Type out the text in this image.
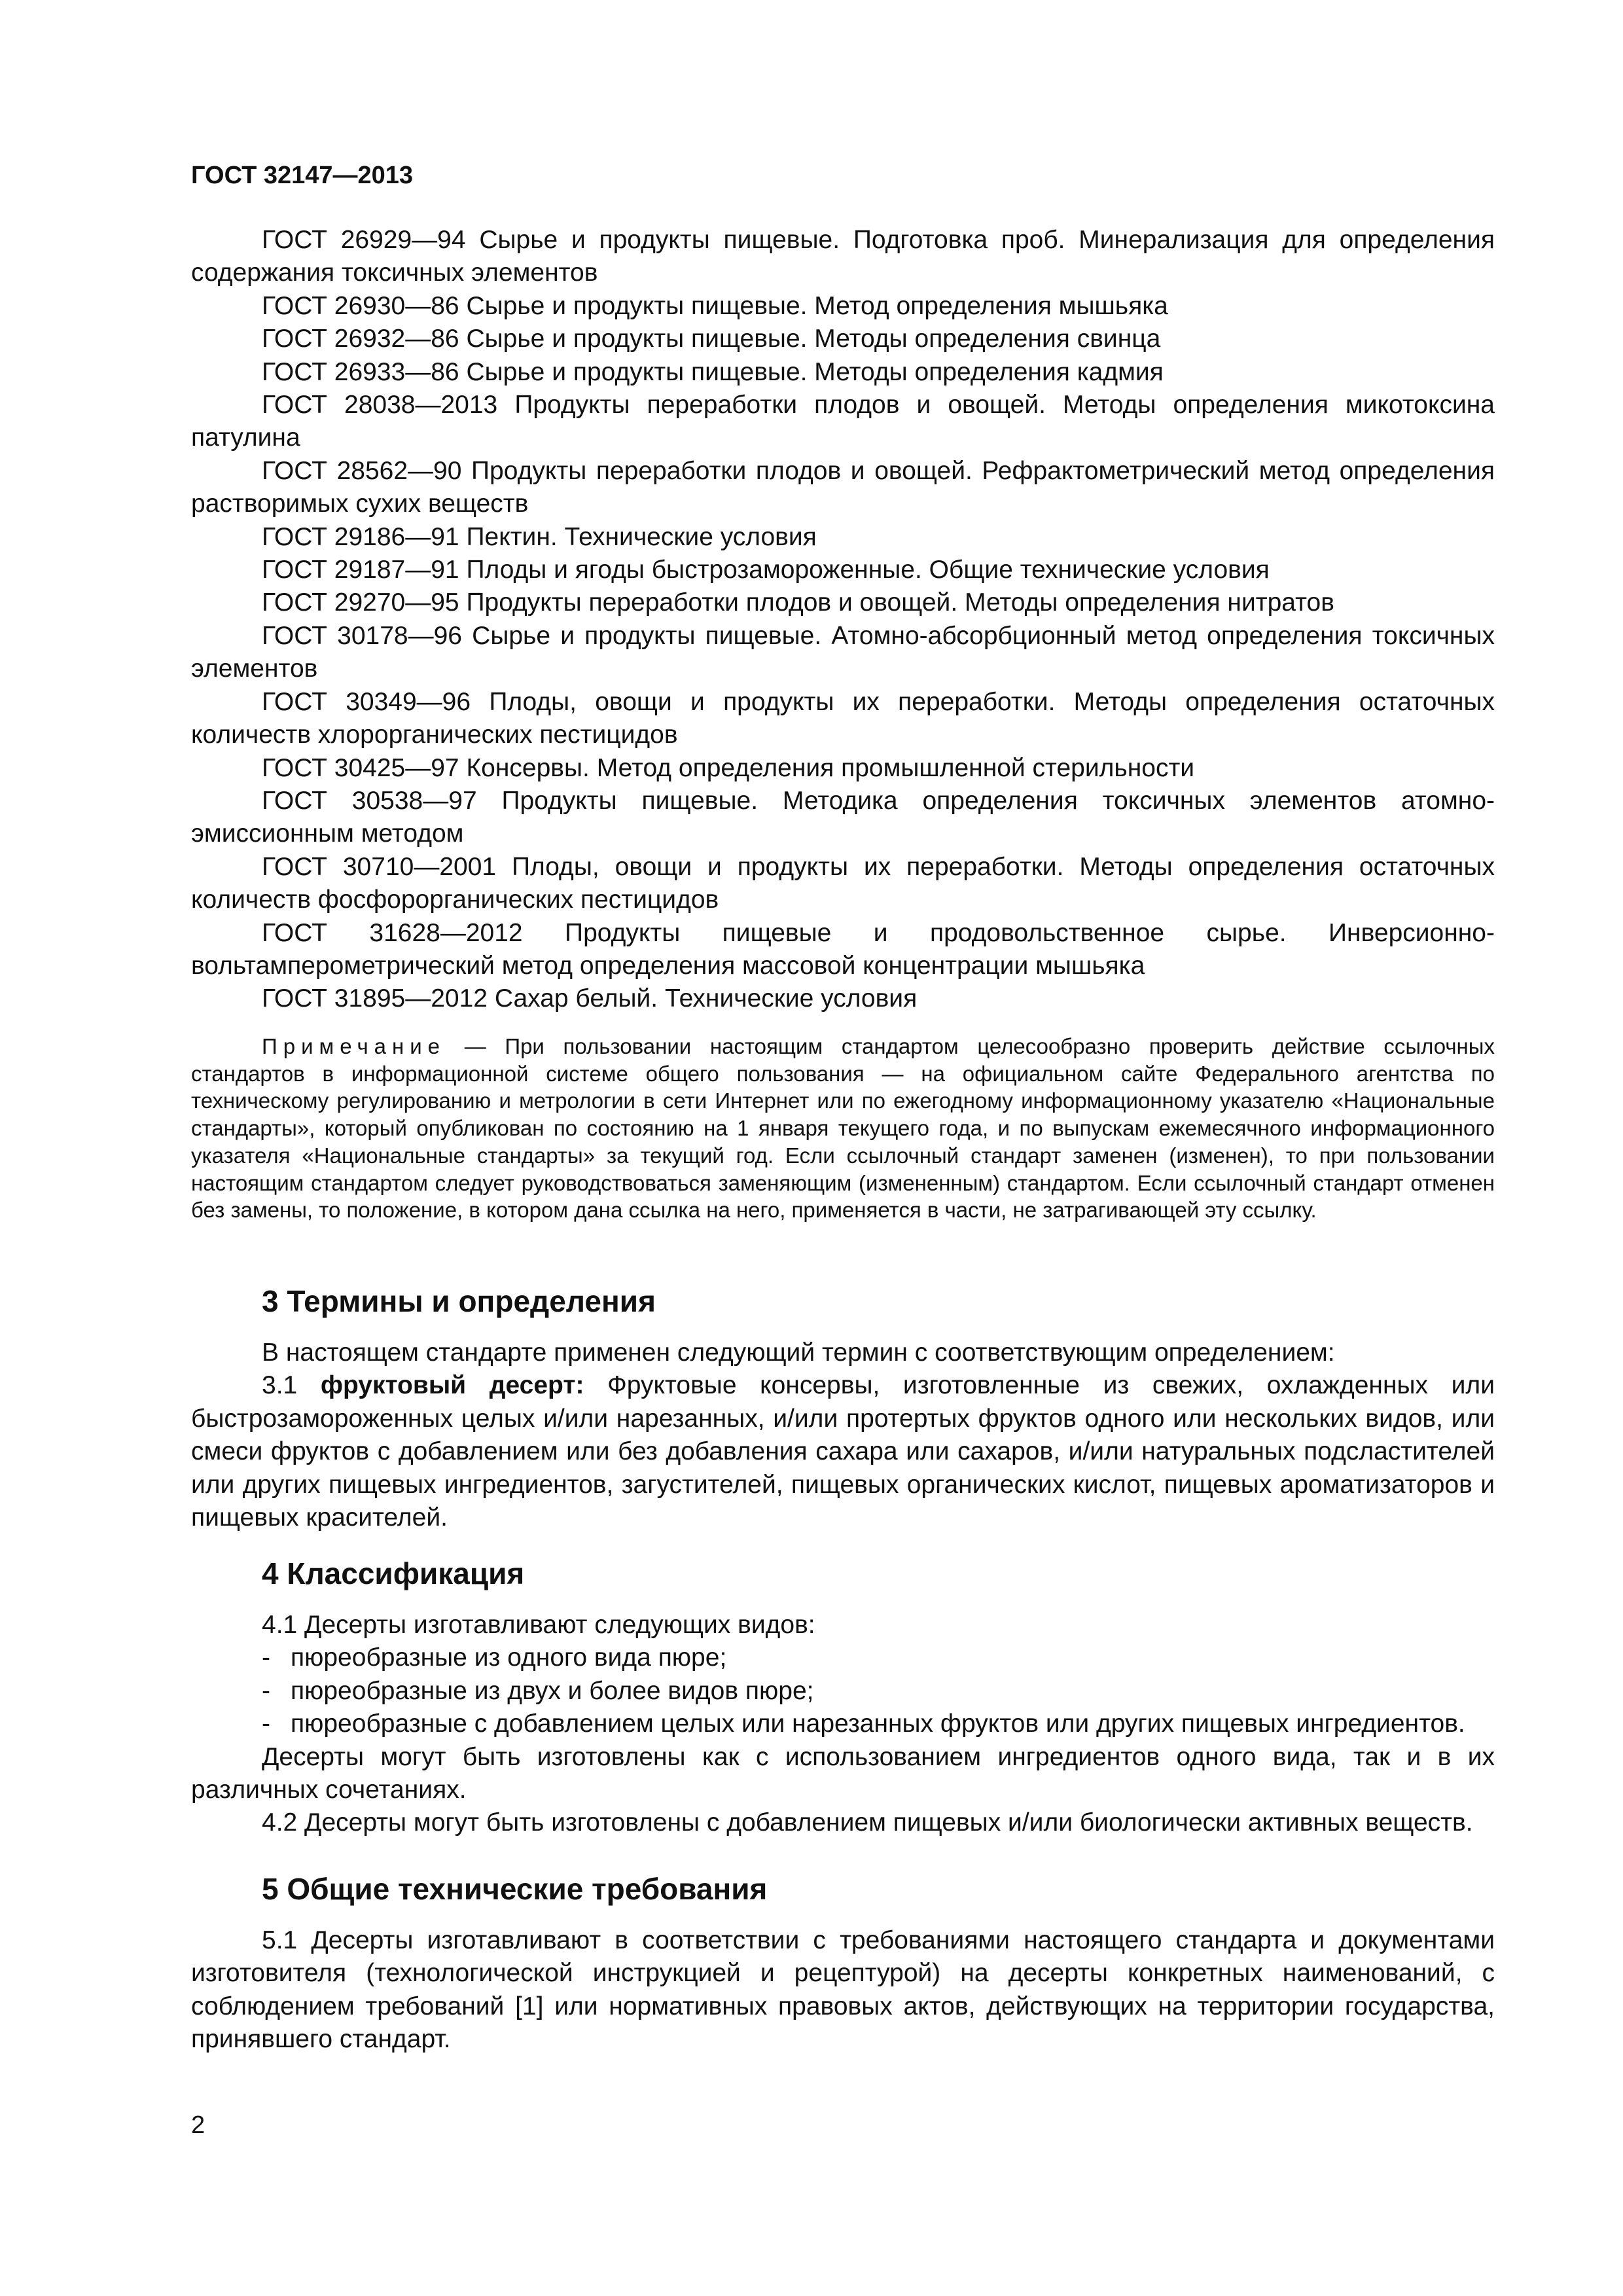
ГОСТ 32147—2013

ГОСТ 26929—94 Сырье и продукты пищевые. Подготовка проб. Минерализация для определения содержания токсичных элементов

ГОСТ 26930—86 Сырье и продукты пищевые. Метод определения мышьяка

ГОСТ 26932—86 Сырье и продукты пищевые. Методы определения свинца

ГОСТ 26933—86 Сырье и продукты пищевые. Методы определения кадмия

ГОСТ 28038—2013 Продукты переработки плодов и овощей. Методы определения микотоксина патулина

ГОСТ 28562—90 Продукты переработки плодов и овощей. Рефрактометрический метод определения растворимых сухих веществ

ГОСТ 29186—91 Пектин. Технические условия

ГОСТ 29187—91 Плоды и ягоды быстрозамороженные. Общие технические условия

ГОСТ 29270—95 Продукты переработки плодов и овощей. Методы определения нитратов

ГОСТ 30178—96 Сырье и продукты пищевые. Атомно-абсорбционный метод определения токсичных элементов

ГОСТ 30349—96 Плоды, овощи и продукты их переработки. Методы определения остаточных количеств хлорорганических пестицидов

ГОСТ 30425—97 Консервы. Метод определения промышленной стерильности

ГОСТ 30538—97 Продукты пищевые. Методика определения токсичных элементов атомно-эмиссионным методом

ГОСТ 30710—2001 Плоды, овощи и продукты их переработки. Методы определения остаточных количеств фосфорорганических пестицидов

ГОСТ 31628—2012 Продукты пищевые и продовольственное сырье. Инверсионно-вольтамперометрический метод определения массовой концентрации мышьяка

ГОСТ 31895—2012 Сахар белый. Технические условия

Примечание — При пользовании настоящим стандартом целесообразно проверить действие ссылочных стандартов в информационной системе общего пользования — на официальном сайте Федерального агентства по техническому регулированию и метрологии в сети Интернет или по ежегодному информационному указателю «Национальные стандарты», который опубликован по состоянию на 1 января текущего года, и по выпускам ежемесячного информационного указателя «Национальные стандарты» за текущий год. Если ссылочный стандарт заменен (изменен), то при пользовании настоящим стандартом следует руководствоваться заменяющим (измененным) стандартом. Если ссылочный стандарт отменен без замены, то положение, в котором дана ссылка на него, применяется в части, не затрагивающей эту ссылку.

3 Термины и определения

В настоящем стандарте применен следующий термин с соответствующим определением:

3.1 фруктовый десерт: Фруктовые консервы, изготовленные из свежих, охлажденных или быстрозамороженных целых и/или нарезанных, и/или протертых фруктов одного или нескольких видов, или смеси фруктов с добавлением или без добавления сахара или сахаров, и/или натуральных подсластителей или других пищевых ингредиентов, загустителей, пищевых органических кислот, пищевых ароматизаторов и пищевых красителей.

4 Классификация

4.1 Десерты изготавливают следующих видов:

- пюреобразные из одного вида пюре;

- пюреобразные из двух и более видов пюре;

- пюреобразные с добавлением целых или нарезанных фруктов или других пищевых ингредиентов.

Десерты могут быть изготовлены как с использованием ингредиентов одного вида, так и в их различных сочетаниях.

4.2 Десерты могут быть изготовлены с добавлением пищевых и/или биологически активных веществ.

5 Общие технические требования

5.1 Десерты изготавливают в соответствии с требованиями настоящего стандарта и документами изготовителя (технологической инструкцией и рецептурой) на десерты конкретных наименований, с соблюдением требований [1] или нормативных правовых актов, действующих на территории государства, принявшего стандарт.

2
